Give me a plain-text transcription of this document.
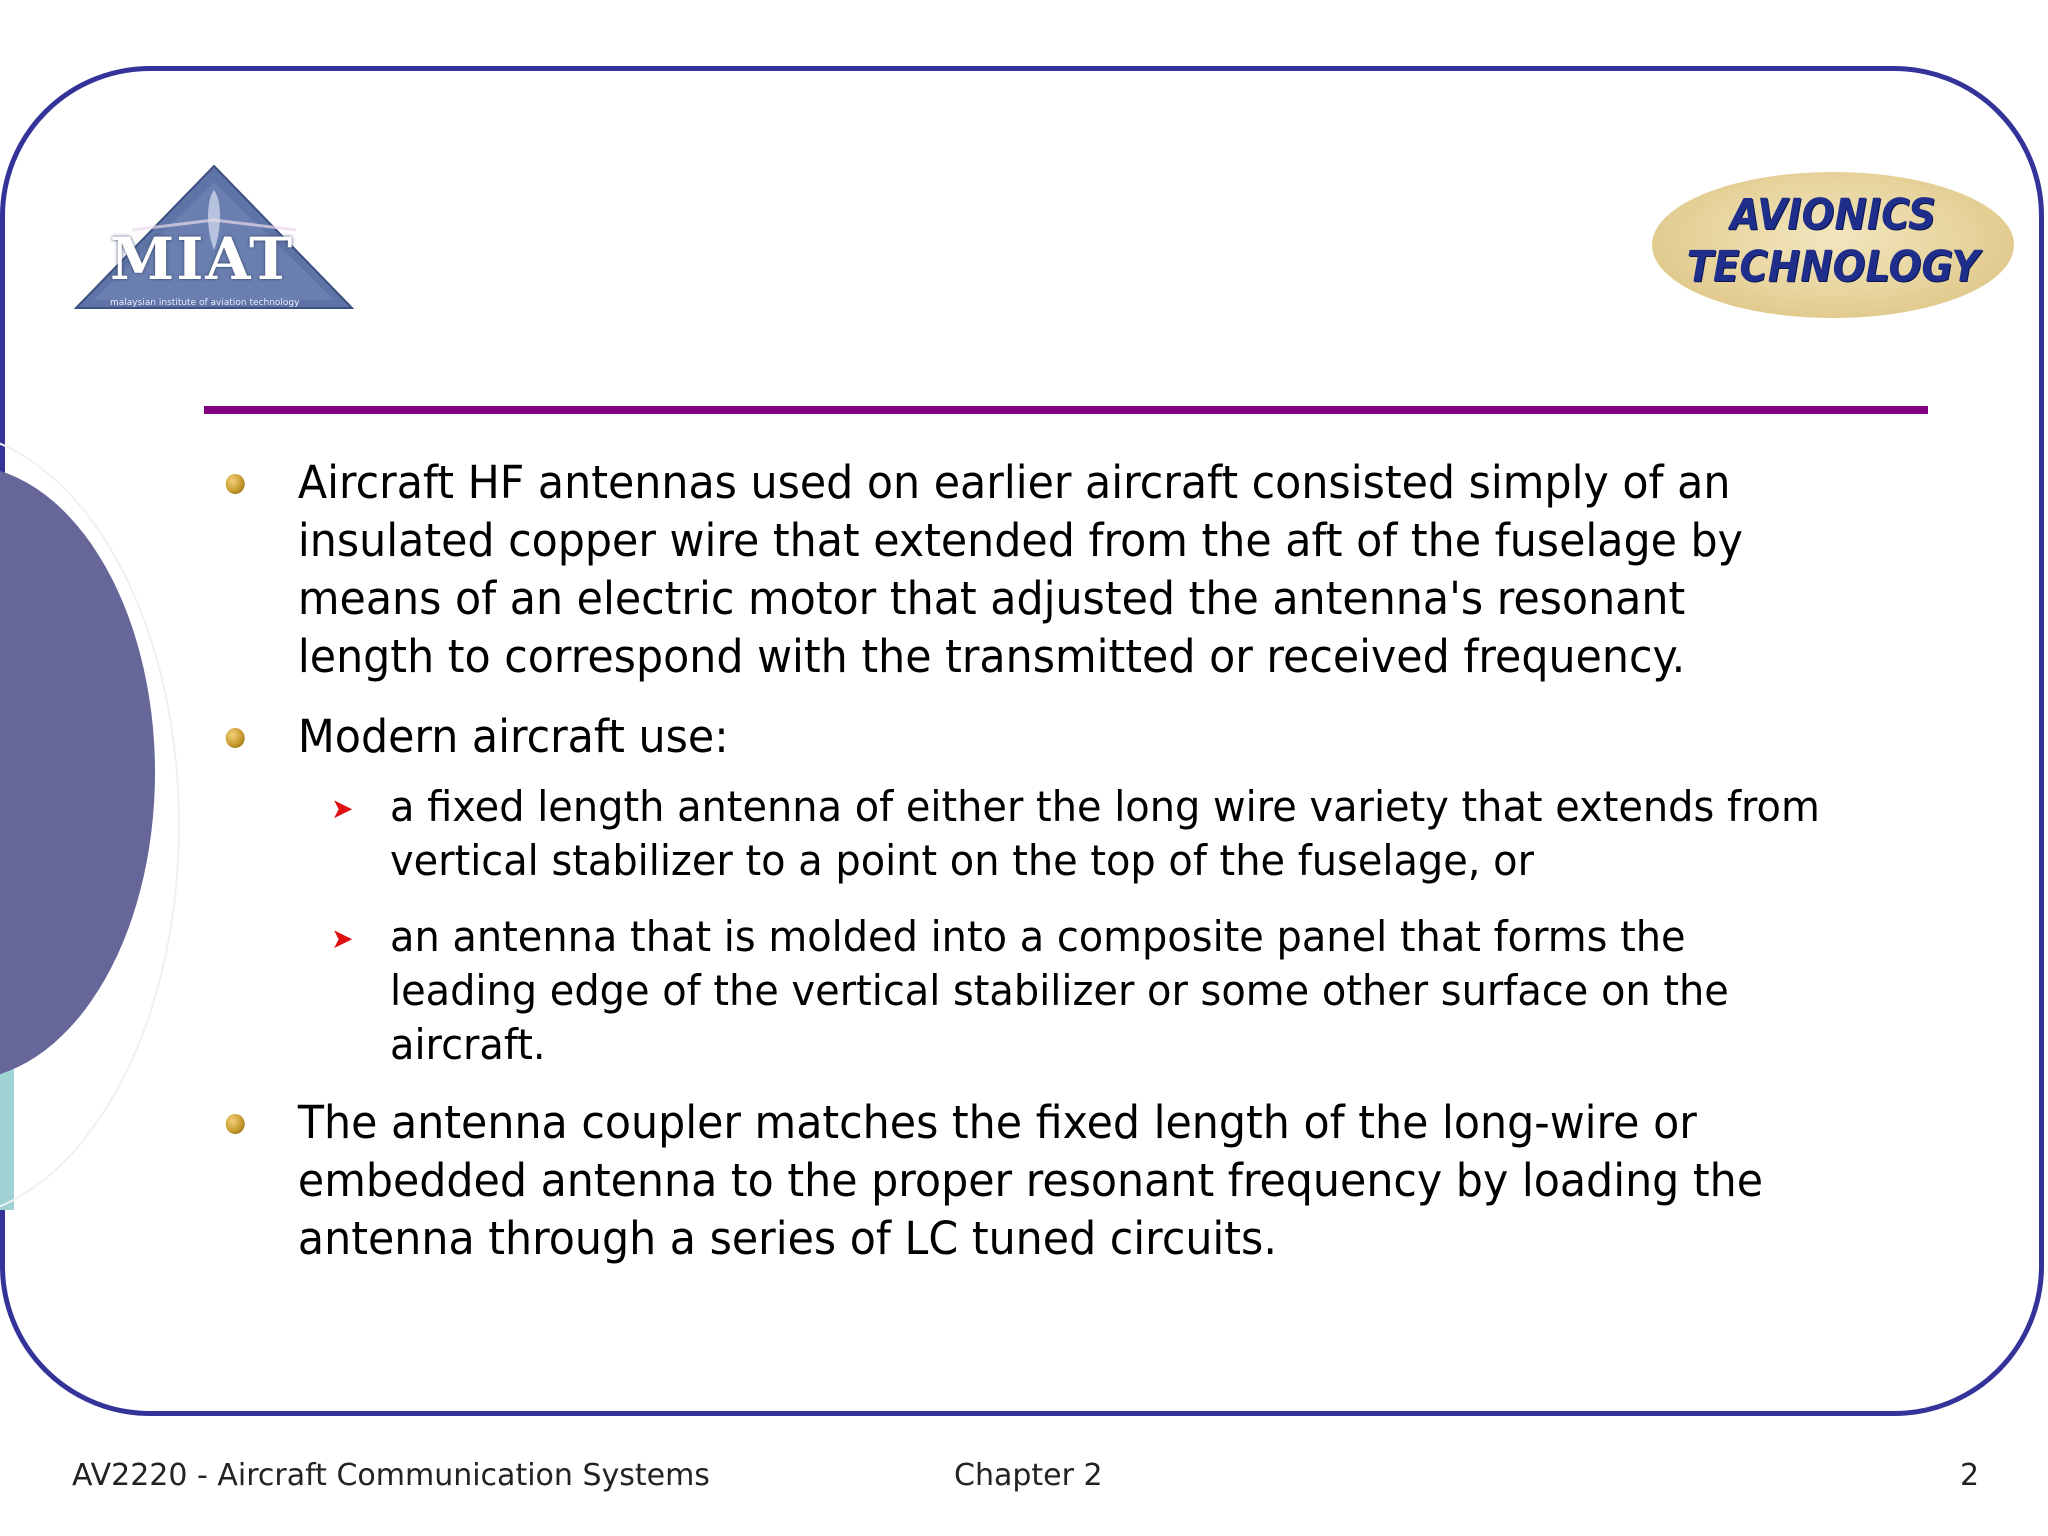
MIAT
malaysian institute of aviation technology
AVIONICS
TECHNOLOGY
Aircraft HF antennas used on earlier aircraft consisted simply of an insulated copper wire that extended from the aft of the fuselage by means of an electric motor that adjusted the antenna's resonant length to correspond with the transmitted or received frequency.
Modern aircraft use:
➤ a fixed length antenna of either the long wire variety that extends from vertical stabilizer to a point on the top of the fuselage, or
➤ an antenna that is molded into a composite panel that forms the leading edge of the vertical stabilizer or some other surface on the aircraft.
The antenna coupler matches the fixed length of the long-wire or embedded antenna to the proper resonant frequency by loading the antenna through a series of LC tuned circuits.
AV2220 - Aircraft Communication Systems	Chapter 2	2
